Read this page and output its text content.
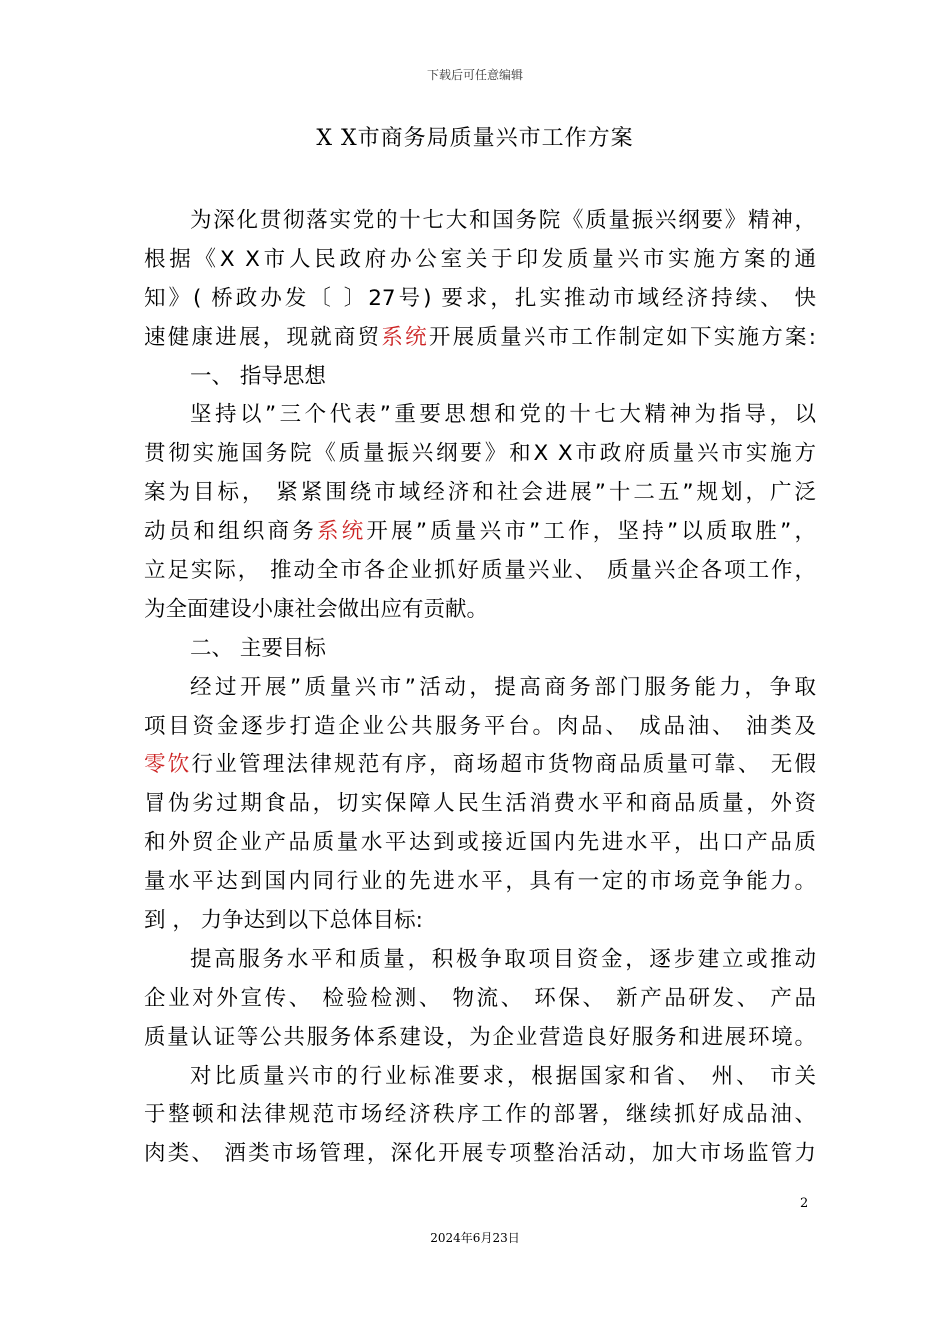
下载后可任意编辑
X X市商务局质量兴市工作方案
为深化贯彻落实党的十七大和国务院《质量振兴纲要》精神，
根据《X X市人民政府办公室关于印发质量兴市实施方案的通
知》( 桥政办发〔 〕27号) 要求，扎实推动市域经济持续、 快
速健康进展，现就商贸系统开展质量兴市工作制定如下实施方案:
一、 指导思想
坚持以”三个代表”重要思想和党的十七大精神为指导，以
贯彻实施国务院《质量振兴纲要》和X X市政府质量兴市实施方
案为目标， 紧紧围绕市域经济和社会进展”十二五”规划，广泛
动员和组织商务系统开展”质量兴市”工作，坚持”以质取胜”，
立足实际， 推动全市各企业抓好质量兴业、 质量兴企各项工作，
为全面建设小康社会做出应有贡献。
二、 主要目标
经过开展”质量兴市”活动，提高商务部门服务能力，争取
项目资金逐步打造企业公共服务平台。肉品、 成品油、 油类及
零饮行业管理法律规范有序，商场超市货物商品质量可靠、 无假
冒伪劣过期食品，切实保障人民生活消费水平和商品质量，外资
和外贸企业产品质量水平达到或接近国内先进水平，出口产品质
量水平达到国内同行业的先进水平，具有一定的市场竞争能力。
到 ， 力争达到以下总体目标:
提高服务水平和质量，积极争取项目资金，逐步建立或推动
企业对外宣传、 检验检测、 物流、 环保、 新产品研发、 产品
质量认证等公共服务体系建设，为企业营造良好服务和进展环境。
对比质量兴市的行业标准要求，根据国家和省、 州、 市关
于整顿和法律规范市场经济秩序工作的部署，继续抓好成品油、
肉类、 酒类市场管理，深化开展专项整治活动，加大市场监管力
2
2024年6月23日
